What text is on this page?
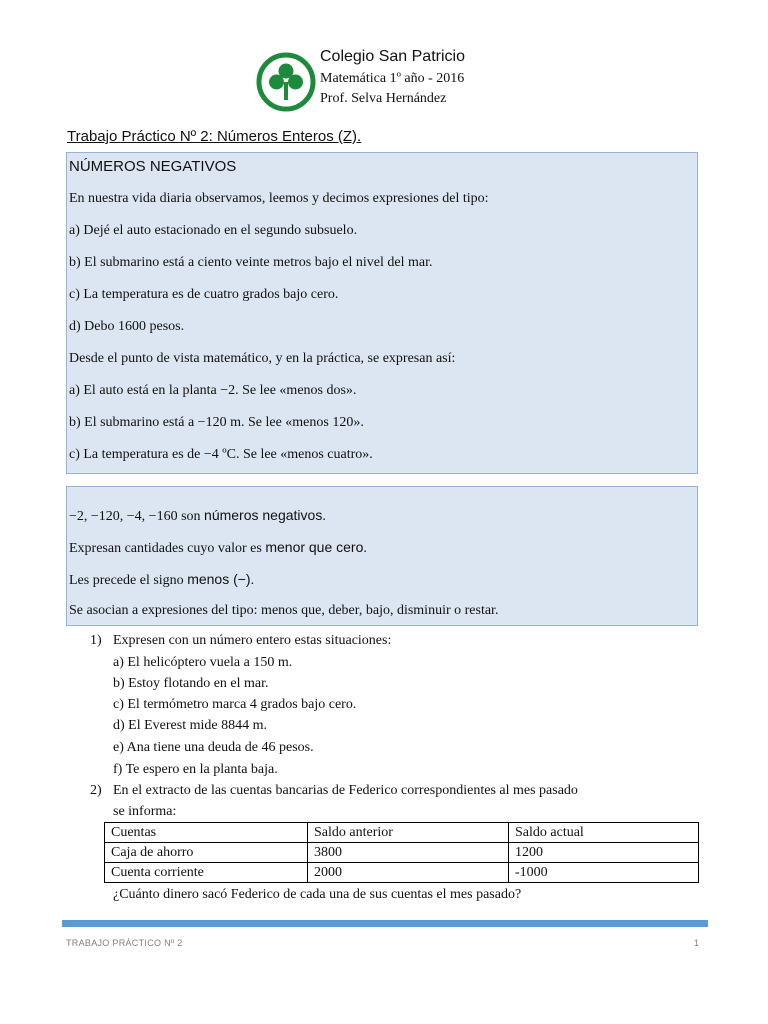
Colegio San Patricio
Matemática 1º año - 2016
Prof. Selva Hernández
Trabajo Práctico Nº 2: Números Enteros (Z).
NÚMEROS NEGATIVOS
En nuestra vida diaria observamos, leemos y decimos expresiones del tipo:
a) Dejé el auto estacionado en el segundo subsuelo.
b) El submarino está a ciento veinte metros bajo el nivel del mar.
c) La temperatura es de cuatro grados bajo cero.
d) Debo 1600 pesos.
Desde el punto de vista matemático, y en la práctica, se expresan así:
a) El auto está en la planta −2. Se lee «menos dos».
b) El submarino está a −120 m. Se lee «menos 120».
c) La temperatura es de −4 ºC. Se lee «menos cuatro».
−2, −120, −4, −160 son números negativos.
Expresan cantidades cuyo valor es menor que cero.
Les precede el signo menos (−).
Se asocian a expresiones del tipo: menos que, deber, bajo, disminuir o restar.
1) Expresen con un número entero estas situaciones:
a) El helicóptero vuela a 150 m.
b) Estoy flotando en el mar.
c) El termómetro marca 4 grados bajo cero.
d) El Everest mide 8844 m.
e) Ana tiene una deuda de 46 pesos.
f) Te espero en la planta baja.
2) En el extracto de las cuentas bancarias de Federico correspondientes al mes pasado
se informa:
Cuentas	Saldo anterior	Saldo actual
Caja de ahorro	3800	1200
Cuenta corriente	2000	-1000
¿Cuánto dinero sacó Federico de cada una de sus cuentas el mes pasado?
TRABAJO PRÁCTICO Nº 2	1
